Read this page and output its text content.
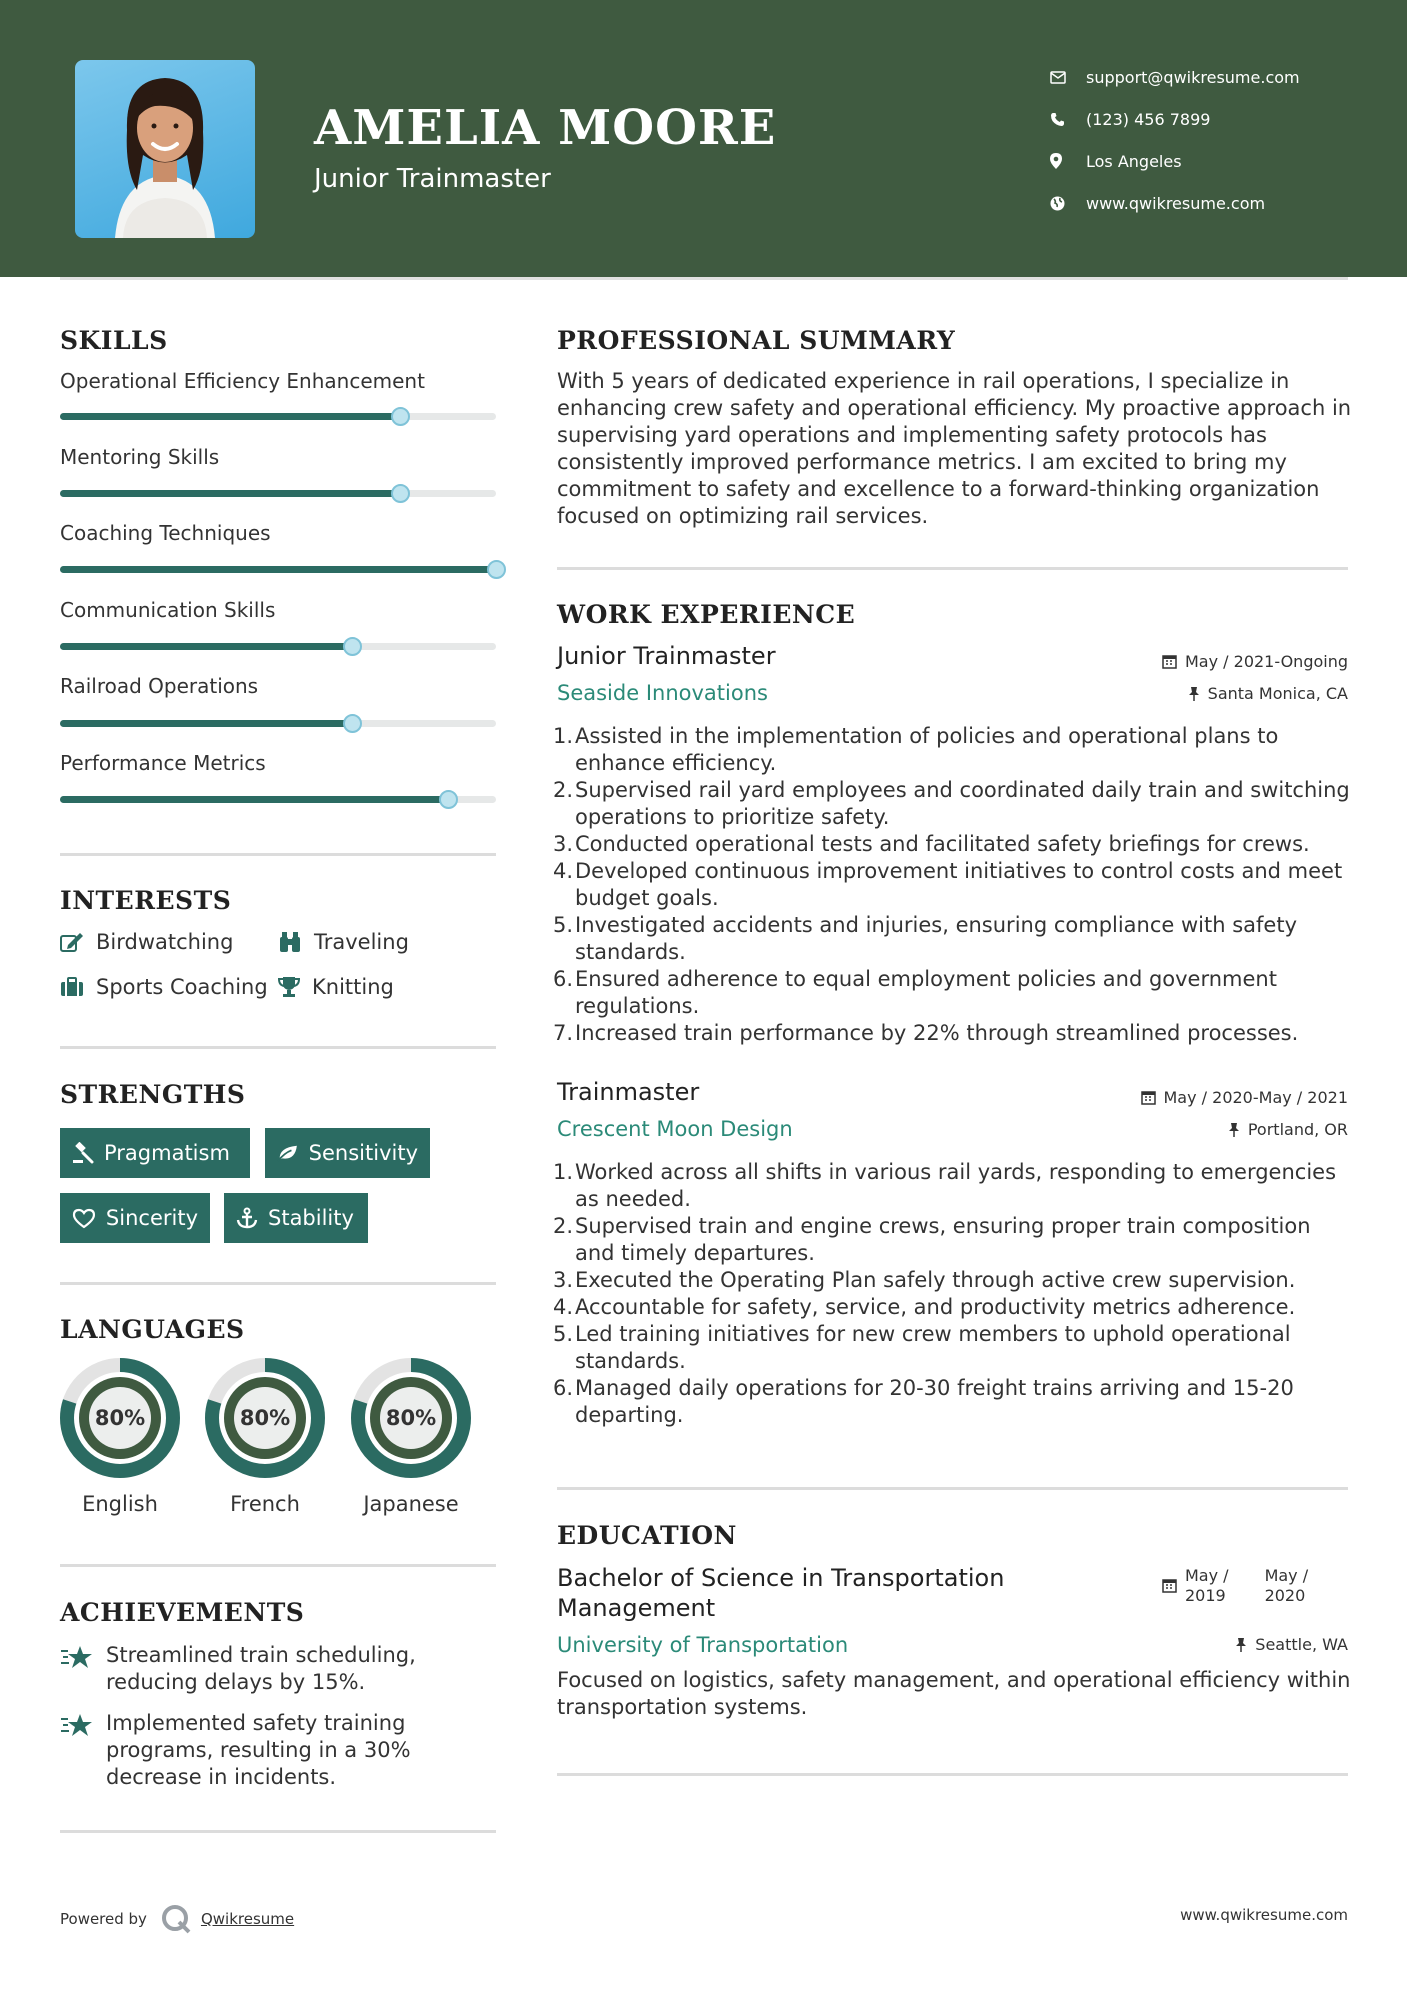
AMELIA MOORE
Junior Trainmaster
support@qwikresume.com
(123) 456 7899
Los Angeles
www.qwikresume.com
SKILLS
Operational Efficiency Enhancement
Mentoring Skills
Coaching Techniques
Communication Skills
Railroad Operations
Performance Metrics
INTERESTS
Birdwatching	Traveling
Sports Coaching Knitting
STRENGTHS
Pragmatism	Sensitivity
Sincerity	Stability
LANGUAGES
80%
English
80%
French
80%
Japanese
ACHIEVEMENTS
Streamlined train scheduling,
reducing delays by 15%.
Implemented safety training
programs, resulting in a 30%
decrease in incidents.
PROFESSIONAL SUMMARY
With 5 years of dedicated experience in rail operations, I specialize in
enhancing crew safety and operational efficiency. My proactive approach in
supervising yard operations and implementing safety protocols has
consistently improved performance metrics. I am excited to bring my
commitment to safety and excellence to a forward-thinking organization
focused on optimizing rail services.
WORK EXPERIENCE
Junior Trainmaster	May / 2021-Ongoing
Seaside Innovations	Santa Monica, CA
1. Assisted in the implementation of policies and operational plans to
enhance efficiency.
2. Supervised rail yard employees and coordinated daily train and switching
operations to prioritize safety.
3. Conducted operational tests and facilitated safety briefings for crews.
4. Developed continuous improvement initiatives to control costs and meet
budget goals.
5. Investigated accidents and injuries, ensuring compliance with safety
standards.
6. Ensured adherence to equal employment policies and government
regulations.
7. Increased train performance by 22% through streamlined processes.
Trainmaster	May / 2020-May / 2021
Crescent Moon Design	Portland, OR
1. Worked across all shifts in various rail yards, responding to emergencies
as needed.
2. Supervised train and engine crews, ensuring proper train composition
and timely departures.
3. Executed the Operating Plan safely through active crew supervision.
4. Accountable for safety, service, and productivity metrics adherence.
5. Led training initiatives for new crew members to uphold operational
standards.
6. Managed daily operations for 20-30 freight trains arriving and 15-20
departing.
EDUCATION
Bachelor of Science in Transportation
Management
May /
2019
May /
2020
University of Transportation	Seattle, WA
Focused on logistics, safety management, and operational efficiency within
transportation systems.
Powered by	Qwikresume	www.qwikresume.com
